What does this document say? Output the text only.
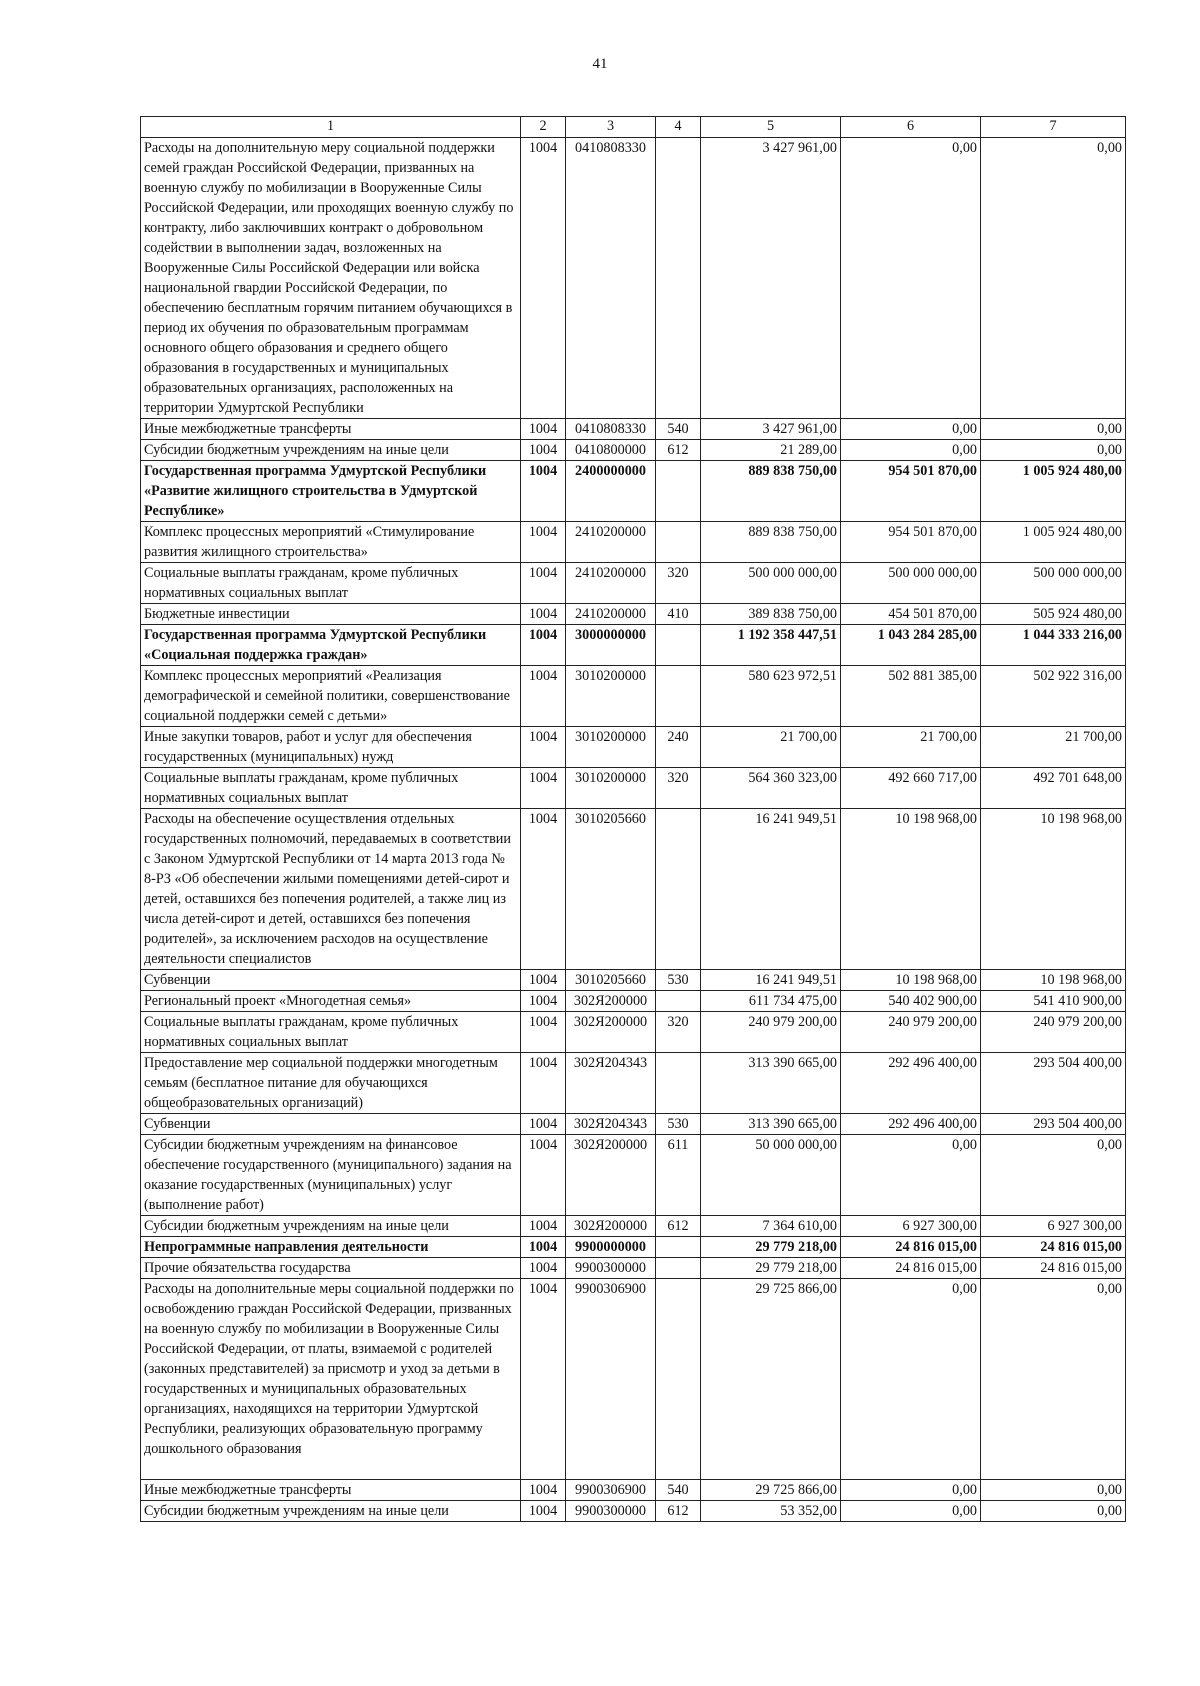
41
1	2	3	4	5	6	7
Расходы на дополнительную меру социальной поддержки семей граждан Российской Федерации, призванных на военную службу по мобилизации в Вооруженные Силы Российской Федерации, или проходящих военную службу по контракту, либо заключивших контракт о добровольном содействии в выполнении задач, возложенных на Вооруженные Силы Российской Федерации или войска национальной гвардии Российской Федерации, по обеспечению бесплатным горячим питанием обучающихся в период их обучения по образовательным программам основного общего образования и среднего общего образования в государственных и муниципальных образовательных организациях, расположенных на территории Удмуртской Республики	1004	0410808330		3 427 961,00	0,00	0,00
Иные межбюджетные трансферты	1004	0410808330	540	3 427 961,00	0,00	0,00
Субсидии бюджетным учреждениям на иные цели	1004	0410800000	612	21 289,00	0,00	0,00
Государственная программа Удмуртской Республики «Развитие жилищного строительства в Удмуртской Республике»	1004	2400000000		889 838 750,00	954 501 870,00	1 005 924 480,00
Комплекс процессных мероприятий «Стимулирование развития жилищного строительства»	1004	2410200000		889 838 750,00	954 501 870,00	1 005 924 480,00
Социальные выплаты гражданам, кроме публичных нормативных социальных выплат	1004	2410200000	320	500 000 000,00	500 000 000,00	500 000 000,00
Бюджетные инвестиции	1004	2410200000	410	389 838 750,00	454 501 870,00	505 924 480,00
Государственная программа Удмуртской Республики «Социальная поддержка граждан»	1004	3000000000		1 192 358 447,51	1 043 284 285,00	1 044 333 216,00
Комплекс процессных мероприятий «Реализация демографической и семейной политики, совершенствование социальной поддержки семей с детьми»	1004	3010200000		580 623 972,51	502 881 385,00	502 922 316,00
Иные закупки товаров, работ и услуг для обеспечения государственных (муниципальных) нужд	1004	3010200000	240	21 700,00	21 700,00	21 700,00
Социальные выплаты гражданам, кроме публичных нормативных социальных выплат	1004	3010200000	320	564 360 323,00	492 660 717,00	492 701 648,00
Расходы на обеспечение осуществления отдельных государственных полномочий, передаваемых в соответствии с Законом Удмуртской Республики от 14 марта 2013 года № 8-РЗ «Об обеспечении жилыми помещениями детей-сирот и детей, оставшихся без попечения родителей, а также лиц из числа детей-сирот и детей, оставшихся без попечения родителей», за исключением расходов на осуществление деятельности специалистов	1004	3010205660		16 241 949,51	10 198 968,00	10 198 968,00
Субвенции	1004	3010205660	530	16 241 949,51	10 198 968,00	10 198 968,00
Региональный проект «Многодетная семья»	1004	302Я200000		611 734 475,00	540 402 900,00	541 410 900,00
Социальные выплаты гражданам, кроме публичных нормативных социальных выплат	1004	302Я200000	320	240 979 200,00	240 979 200,00	240 979 200,00
Предоставление мер социальной поддержки многодетным семьям (бесплатное питание для обучающихся общеобразовательных организаций)	1004	302Я204343		313 390 665,00	292 496 400,00	293 504 400,00
Субвенции	1004	302Я204343	530	313 390 665,00	292 496 400,00	293 504 400,00
Субсидии бюджетным учреждениям на финансовое обеспечение государственного (муниципального) задания на оказание государственных (муниципальных) услуг (выполнение работ)	1004	302Я200000	611	50 000 000,00	0,00	0,00
Субсидии бюджетным учреждениям на иные цели	1004	302Я200000	612	7 364 610,00	6 927 300,00	6 927 300,00
Непрограммные направления деятельности	1004	9900000000		29 779 218,00	24 816 015,00	24 816 015,00
Прочие обязательства государства	1004	9900300000		29 779 218,00	24 816 015,00	24 816 015,00
Расходы на дополнительные меры социальной поддержки по освобождению граждан Российской Федерации, призванных на военную службу по мобилизации в Вооруженные Силы Российской Федерации, от платы, взимаемой с родителей (законных представителей) за присмотр и уход за детьми в государственных и муниципальных образовательных организациях, находящихся на территории Удмуртской Республики, реализующих образовательную программу дошкольного образования	1004	9900306900		29 725 866,00	0,00	0,00
Иные межбюджетные трансферты	1004	9900306900	540	29 725 866,00	0,00	0,00
Субсидии бюджетным учреждениям на иные цели	1004	9900300000	612	53 352,00	0,00	0,00
